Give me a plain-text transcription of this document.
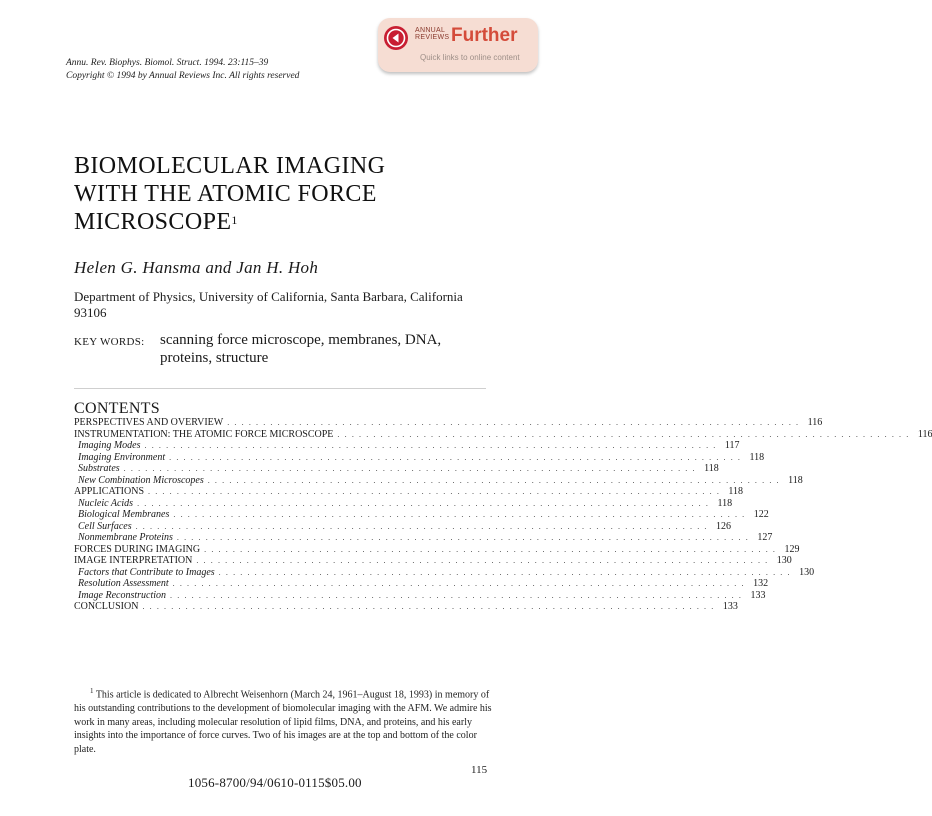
Annu. Rev. Biophys. Biomol. Struct. 1994. 23:115–39
Copyright © 1994 by Annual Reviews Inc. All rights reserved
ANNUAL
REVIEWS Further
Quick links to online content
BIOMOLECULAR IMAGING
WITH THE ATOMIC FORCE
MICROSCOPE$^1$
Helen G. Hansma and Jan H. Hoh
Department of Physics, University of California, Santa Barbara, California 93106
KEY WORDS: scanning force microscope, membranes, DNA, proteins, structure
CONTENTS
PERSPECTIVES AND OVERVIEW . . . . . . . . . . . . . . . . . . . . . . . . . . . . . . . . . . . . . . . . . . . . . . . . . . . . . . . . . . . . . . . . . . . . . . . . . . . . . . . . 116
INSTRUMENTATION: THE ATOMIC FORCE MICROSCOPE . . . . . . . . . . . . . . . . . . . . . . . . . . . . . . . . . . . . . . . . . . . . . . . . . . . . . . . . . . . . . . . . . . . . . . . . . . . . . . . . 116
Imaging Modes . . . . . . . . . . . . . . . . . . . . . . . . . . . . . . . . . . . . . . . . . . . . . . . . . . . . . . . . . . . . . . . . . . . . . . . . . . . . . . . . 117
Imaging Environment . . . . . . . . . . . . . . . . . . . . . . . . . . . . . . . . . . . . . . . . . . . . . . . . . . . . . . . . . . . . . . . . . . . . . . . . . . . . . . . . 118
Substrates . . . . . . . . . . . . . . . . . . . . . . . . . . . . . . . . . . . . . . . . . . . . . . . . . . . . . . . . . . . . . . . . . . . . . . . . . . . . . . . . 118
New Combination Microscopes . . . . . . . . . . . . . . . . . . . . . . . . . . . . . . . . . . . . . . . . . . . . . . . . . . . . . . . . . . . . . . . . . . . . . . . . . . . . . . . . 118
APPLICATIONS . . . . . . . . . . . . . . . . . . . . . . . . . . . . . . . . . . . . . . . . . . . . . . . . . . . . . . . . . . . . . . . . . . . . . . . . . . . . . . . . 118
Nucleic Acids . . . . . . . . . . . . . . . . . . . . . . . . . . . . . . . . . . . . . . . . . . . . . . . . . . . . . . . . . . . . . . . . . . . . . . . . . . . . . . . . 118
Biological Membranes . . . . . . . . . . . . . . . . . . . . . . . . . . . . . . . . . . . . . . . . . . . . . . . . . . . . . . . . . . . . . . . . . . . . . . . . . . . . . . . . 122
Cell Surfaces . . . . . . . . . . . . . . . . . . . . . . . . . . . . . . . . . . . . . . . . . . . . . . . . . . . . . . . . . . . . . . . . . . . . . . . . . . . . . . . . 126
Nonmembrane Proteins . . . . . . . . . . . . . . . . . . . . . . . . . . . . . . . . . . . . . . . . . . . . . . . . . . . . . . . . . . . . . . . . . . . . . . . . . . . . . . . . 127
FORCES DURING IMAGING . . . . . . . . . . . . . . . . . . . . . . . . . . . . . . . . . . . . . . . . . . . . . . . . . . . . . . . . . . . . . . . . . . . . . . . . . . . . . . . . 129
IMAGE INTERPRETATION . . . . . . . . . . . . . . . . . . . . . . . . . . . . . . . . . . . . . . . . . . . . . . . . . . . . . . . . . . . . . . . . . . . . . . . . . . . . . . . . 130
Factors that Contribute to Images . . . . . . . . . . . . . . . . . . . . . . . . . . . . . . . . . . . . . . . . . . . . . . . . . . . . . . . . . . . . . . . . . . . . . . . . . . . . . . . . 130
Resolution Assessment . . . . . . . . . . . . . . . . . . . . . . . . . . . . . . . . . . . . . . . . . . . . . . . . . . . . . . . . . . . . . . . . . . . . . . . . . . . . . . . . 132
Image Reconstruction . . . . . . . . . . . . . . . . . . . . . . . . . . . . . . . . . . . . . . . . . . . . . . . . . . . . . . . . . . . . . . . . . . . . . . . . . . . . . . . . 133
CONCLUSION . . . . . . . . . . . . . . . . . . . . . . . . . . . . . . . . . . . . . . . . . . . . . . . . . . . . . . . . . . . . . . . . . . . . . . . . . . . . . . . . 133
$^1$ This article is dedicated to Albrecht Weisenhorn (March 24, 1961–August 18, 1993) in memory of his outstanding contributions to the development of biomolecular imaging with the AFM. We admire his work in many areas, including molecular resolution of lipid films, DNA, and proteins, and his early insights into the importance of force curves. Two of his images are at the top and bottom of the color plate.
115
1056-8700/94/0610-0115$05.00
